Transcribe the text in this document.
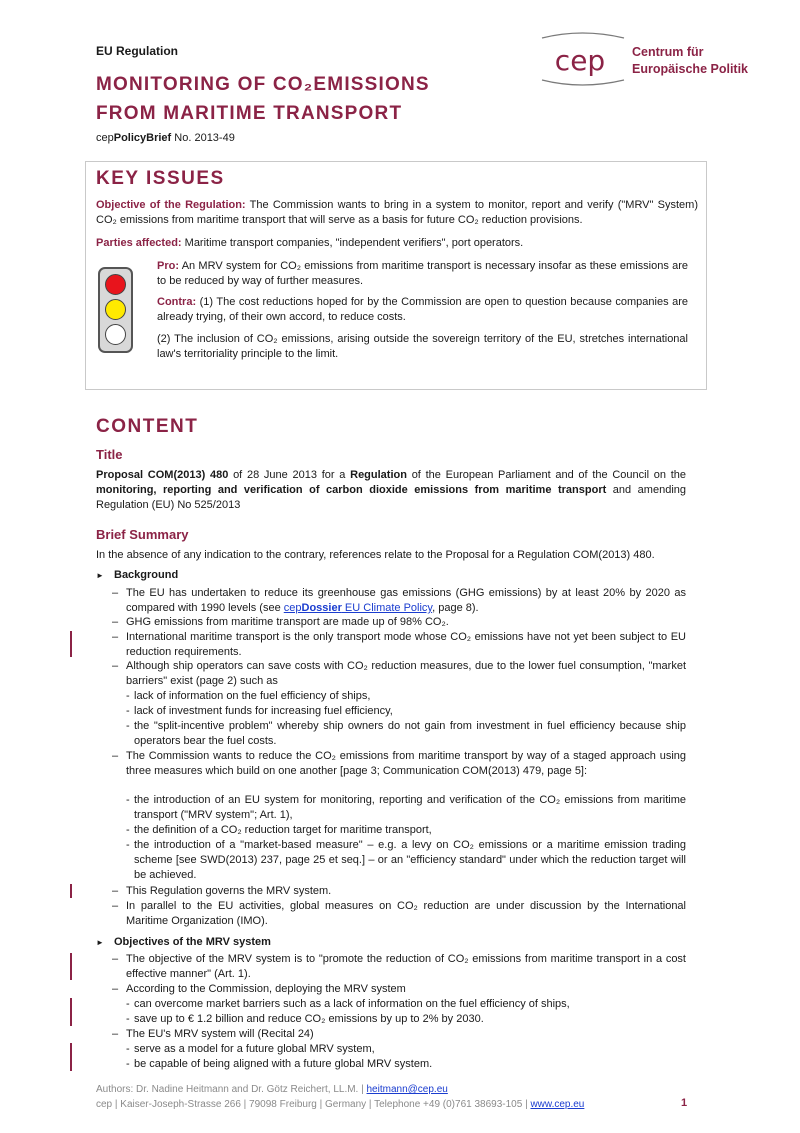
EU Regulation
MONITORING OF CO₂EMISSIONS
FROM MARITIME TRANSPORT
cepPolicyBrief No. 2013-49
cep Centrum für
Europäische Politik
KEY ISSUES
Objective of the Regulation: The Commission wants to bring in a system to monitor, report and verify ("MRV" System) CO₂ emissions from maritime transport that will serve as a basis for future CO₂ reduction provisions.
Parties affected: Maritime transport companies, "independent verifiers", port operators.
Pro: An MRV system for CO₂ emissions from maritime transport is necessary insofar as these emissions are to be reduced by way of further measures.
Contra: (1) The cost reductions hoped for by the Commission are open to question because companies are already trying, of their own accord, to reduce costs.
(2) The inclusion of CO₂ emissions, arising outside the sovereign territory of the EU, stretches international law's territoriality principle to the limit.
CONTENT
Title
Proposal COM(2013) 480 of 28 June 2013 for a Regulation of the European Parliament and of the Council on the monitoring, reporting and verification of carbon dioxide emissions from maritime transport and amending Regulation (EU) No 525/2013
Brief Summary
In the absence of any indication to the contrary, references relate to the Proposal for a Regulation COM(2013) 480.
► Background
– The EU has undertaken to reduce its greenhouse gas emissions (GHG emissions) by at least 20% by 2020 as compared with 1990 levels (see cepDossier EU Climate Policy, page 8).
– GHG emissions from maritime transport are made up of 98% CO₂.
– International maritime transport is the only transport mode whose CO₂ emissions have not yet been subject to EU reduction requirements.
– Although ship operators can save costs with CO₂ reduction measures, due to the lower fuel consumption, "market barriers" exist (page 2) such as
- lack of information on the fuel efficiency of ships,
- lack of investment funds for increasing fuel efficiency,
- the "split-incentive problem" whereby ship owners do not gain from investment in fuel efficiency because ship operators bear the fuel costs.
– The Commission wants to reduce the CO₂ emissions from maritime transport by way of a staged approach using three measures which build on one another [page 3; Communication COM(2013) 479, page 5]:
- the introduction of an EU system for monitoring, reporting and verification of the CO₂ emissions from maritime transport ("MRV system"; Art. 1),
- the definition of a CO₂ reduction target for maritime transport,
- the introduction of a "market-based measure" – e.g. a levy on CO₂ emissions or a maritime emission trading scheme [see SWD(2013) 237, page 25 et seq.] – or an "efficiency standard" under which the reduction target will be achieved.
– This Regulation governs the MRV system.
– In parallel to the EU activities, global measures on CO₂ reduction are under discussion by the International Maritime Organization (IMO).
► Objectives of the MRV system
– The objective of the MRV system is to "promote the reduction of CO₂ emissions from maritime transport in a cost effective manner" (Art. 1).
– According to the Commission, deploying the MRV system
- can overcome market barriers such as a lack of information on the fuel efficiency of ships,
- save up to € 1.2 billion and reduce CO₂ emissions by up to 2% by 2030.
– The EU's MRV system will (Recital 24)
- serve as a model for a future global MRV system,
- be capable of being aligned with a future global MRV system.
Authors: Dr. Nadine Heitmann and Dr. Götz Reichert, LL.M. | heitmann@cep.eu
cep | Kaiser-Joseph-Strasse 266 | 79098 Freiburg | Germany | Telephone +49 (0)761 38693-105 | www.cep.eu	1
